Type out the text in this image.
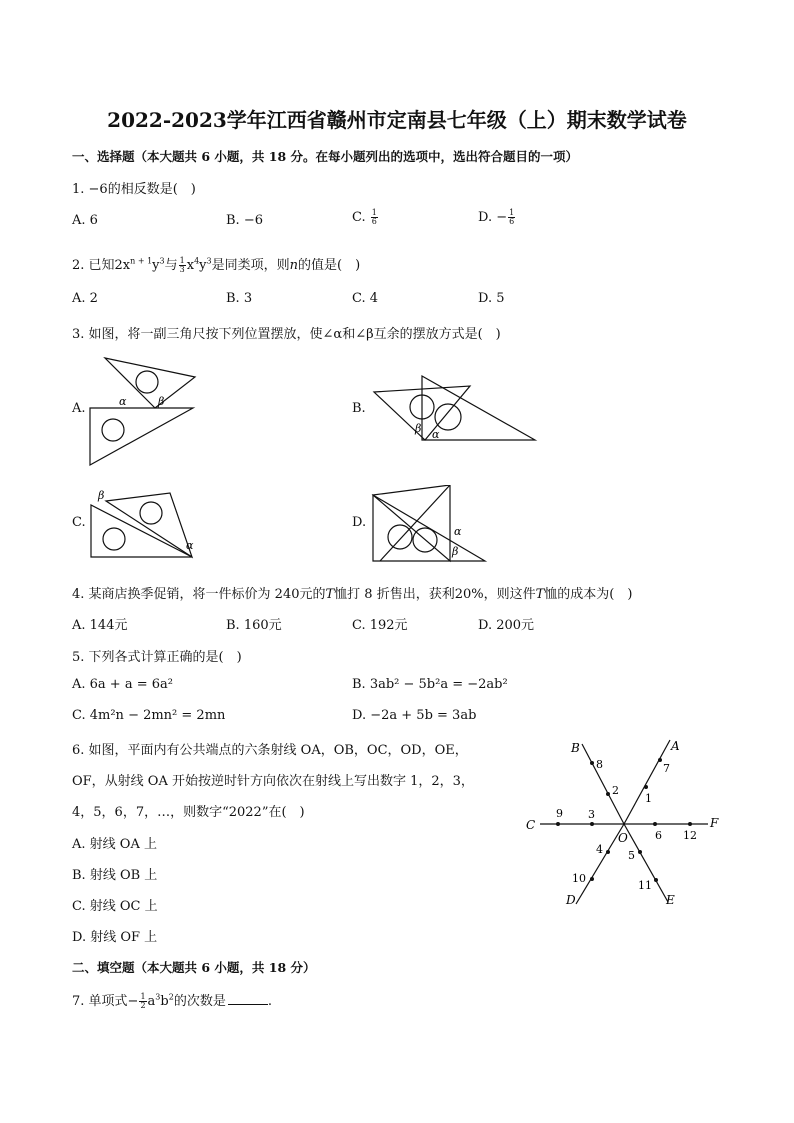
2022-2023学年江西省赣州市定南县七年级（上）期末数学试卷
一、选择题（本大题共 6 小题，共 18 分。在每小题列出的选项中，选出符合题目的一项）
1. −6的相反数是(　)
A. 6	B. −6	C. $\frac{1}{6}$	D. − $\frac{1}{6}$
2. 已知$2x^{n + 1}y^3$与 $\frac{1}{3} x^4y^3$是同类项，则n的值是(　)
A. 2	B. 3	C. 4	D. 5
3. 如图，将一副三角尺按下列位置摆放，使∠α和∠β互余的摆放方式是(　)
A.	B.
C.	D.
α	β
β α
β
α
α
β
4. 某商店换季促销，将一件标价为 240元的T恤打 8 折售出，获利20%，则这件T恤的成本为(　)
A. 144元	B. 160元	C. 192元	D. 200元
5. 下列各式计算正确的是(　)
A. 6a + a = 6a²	B. 3ab² − 5b²a = −2ab²
C. 4m²n − 2mn² = 2mn	D. −2a + 5b = 3ab
6. 如图，平面内有公共端点的六条射线 OA，OB，OC，OD，OE，
OF，从射线 OA 开始按逆时针方向依次在射线上写出数字 1，2，3，
4，5，6，7，…，则数字“2022”在(　)
A. 射线 OA 上
B. 射线 OB 上
C. 射线 OC 上
D. 射线 OF 上
A
B
C
D	E
F
O
1
2
3
4 5
6
7
8
9
10
11
12
二、填空题（本大题共 6 小题，共 18 分）
7. 单项式− $\frac{1}{2} a^3b^2$的次数是	.
